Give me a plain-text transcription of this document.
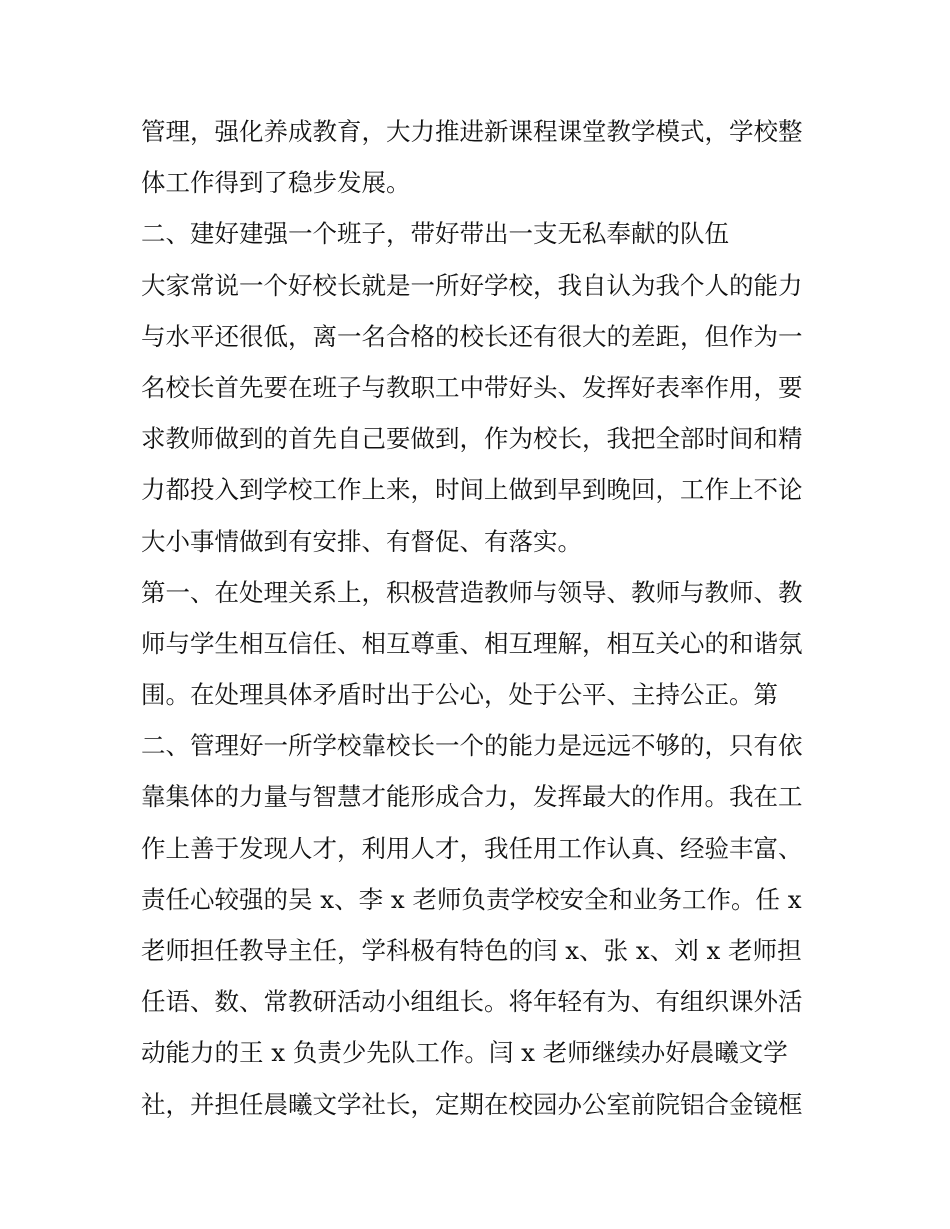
管理，强化养成教育，大力推进新课程课堂教学模式，学校整
体工作得到了稳步发展。
二、建好建强一个班子，带好带出一支无私奉献的队伍
大家常说一个好校长就是一所好学校，我自认为我个人的能力
与水平还很低，离一名合格的校长还有很大的差距，但作为一
名校长首先要在班子与教职工中带好头、发挥好表率作用，要
求教师做到的首先自己要做到，作为校长，我把全部时间和精
力都投入到学校工作上来，时间上做到早到晚回，工作上不论
大小事情做到有安排、有督促、有落实。
第一、在处理关系上，积极营造教师与领导、教师与教师、教
师与学生相互信任、相互尊重、相互理解，相互关心的和谐氛
围。在处理具体矛盾时出于公心，处于公平、主持公正。第
二、管理好一所学校靠校长一个的能力是远远不够的，只有依
靠集体的力量与智慧才能形成合力，发挥最大的作用。我在工
作上善于发现人才，利用人才，我任用工作认真、经验丰富、
责任心较强的吴 x、李 x 老师负责学校安全和业务工作。任 x
老师担任教导主任，学科极有特色的闫 x、张 x、刘 x 老师担
任语、数、常教研活动小组组长。将年轻有为、有组织课外活
动能力的王 x 负责少先队工作。闫 x 老师继续办好晨曦文学
社，并担任晨曦文学社长，定期在校园办公室前院铝合金镜框
